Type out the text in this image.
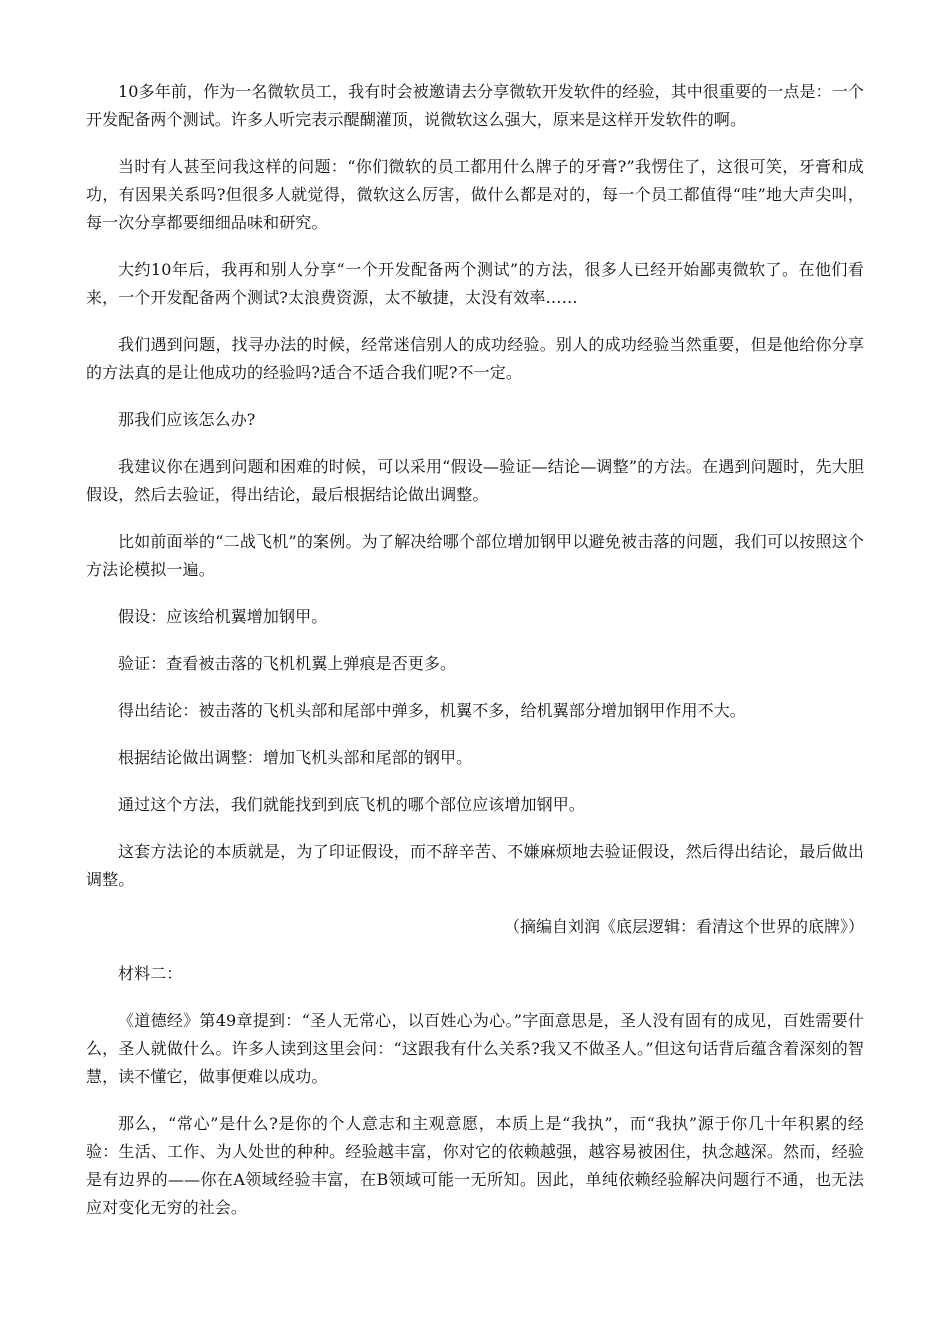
10多年前，作为一名微软员工，我有时会被邀请去分享微软开发软件的经验，其中很重要的一点是：一个开发配备两个测试。许多人听完表示醍醐灌顶，说微软这么强大，原来是这样开发软件的啊。

当时有人甚至问我这样的问题：“你们微软的员工都用什么牌子的牙膏?”我愣住了，这很可笑，牙膏和成功，有因果关系吗?但很多人就觉得，微软这么厉害，做什么都是对的，每一个员工都值得“哇”地大声尖叫，每一次分享都要细细品味和研究。

大约10年后，我再和别人分享“一个开发配备两个测试”的方法，很多人已经开始鄙夷微软了。在他们看来，一个开发配备两个测试?太浪费资源，太不敏捷，太没有效率……

我们遇到问题，找寻办法的时候，经常迷信别人的成功经验。别人的成功经验当然重要，但是他给你分享的方法真的是让他成功的经验吗?适合不适合我们呢?不一定。

那我们应该怎么办?

我建议你在遇到问题和困难的时候，可以采用“假设—验证—结论—调整”的方法。在遇到问题时，先大胆假设，然后去验证，得出结论，最后根据结论做出调整。

比如前面举的“二战飞机”的案例。为了解决给哪个部位增加钢甲以避免被击落的问题，我们可以按照这个方法论模拟一遍。

假设：应该给机翼增加钢甲。

验证：查看被击落的飞机机翼上弹痕是否更多。

得出结论：被击落的飞机头部和尾部中弹多，机翼不多，给机翼部分增加钢甲作用不大。

根据结论做出调整：增加飞机头部和尾部的钢甲。

通过这个方法，我们就能找到到底飞机的哪个部位应该增加钢甲。

这套方法论的本质就是，为了印证假设，而不辞辛苦、不嫌麻烦地去验证假设，然后得出结论，最后做出调整。

（摘编自刘润《底层逻辑：看清这个世界的底牌》）

材料二：

《道德经》第49章提到：“圣人无常心，以百姓心为心。”字面意思是，圣人没有固有的成见，百姓需要什么，圣人就做什么。许多人读到这里会问：“这跟我有什么关系?我又不做圣人。”但这句话背后蕴含着深刻的智慧，读不懂它，做事便难以成功。

那么，“常心”是什么?是你的个人意志和主观意愿，本质上是“我执”，而“我执”源于你几十年积累的经验：生活、工作、为人处世的种种。经验越丰富，你对它的依赖越强，越容易被困住，执念越深。然而，经验是有边界的——你在A领域经验丰富，在B领域可能一无所知。因此，单纯依赖经验解决问题行不通，也无法应对变化无穷的社会。
